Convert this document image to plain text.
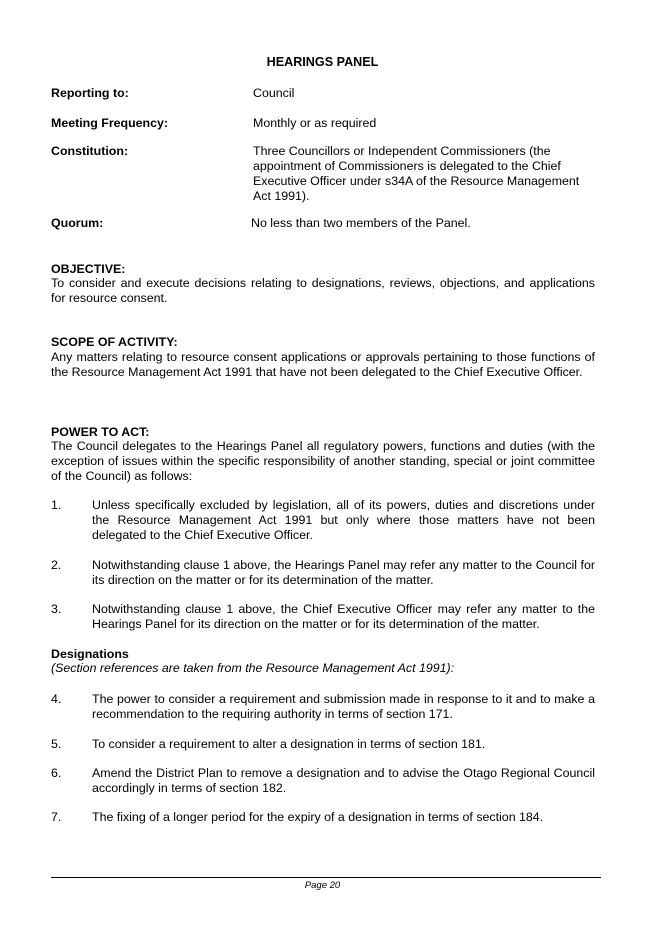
HEARINGS PANEL
Reporting to:	Council
Meeting Frequency:	Monthly or as required
Constitution:	Three Councillors or Independent Commissioners (the appointment of Commissioners is delegated to the Chief Executive Officer under s34A of the Resource Management Act 1991).
Quorum:	No less than two members of the Panel.
OBJECTIVE:
To consider and execute decisions relating to designations, reviews, objections, and applications for resource consent.
SCOPE OF ACTIVITY:
Any matters relating to resource consent applications or approvals pertaining to those functions of the Resource Management Act 1991 that have not been delegated to the Chief Executive Officer.
POWER TO ACT:
The Council delegates to the Hearings Panel all regulatory powers, functions and duties (with the exception of issues within the specific responsibility of another standing, special or joint committee of the Council) as follows:
1. Unless specifically excluded by legislation, all of its powers, duties and discretions under the Resource Management Act 1991 but only where those matters have not been delegated to the Chief Executive Officer.
2. Notwithstanding clause 1 above, the Hearings Panel may refer any matter to the Council for its direction on the matter or for its determination of the matter.
3. Notwithstanding clause 1 above, the Chief Executive Officer may refer any matter to the Hearings Panel for its direction on the matter or for its determination of the matter.
Designations
(Section references are taken from the Resource Management Act 1991):
4. The power to consider a requirement and submission made in response to it and to make a recommendation to the requiring authority in terms of section 171.
5. To consider a requirement to alter a designation in terms of section 181.
6. Amend the District Plan to remove a designation and to advise the Otago Regional Council accordingly in terms of section 182.
7. The fixing of a longer period for the expiry of a designation in terms of section 184.
Page 20
